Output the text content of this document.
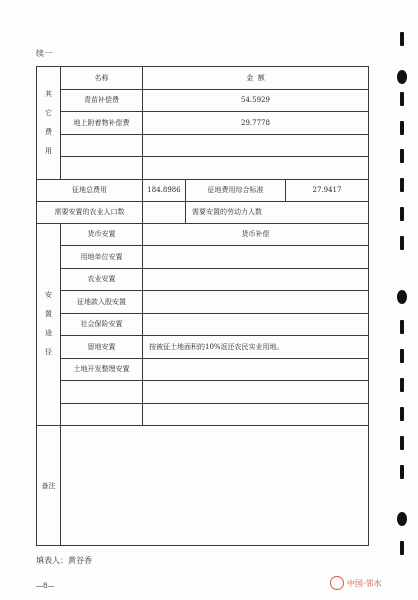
续一
其
它
费
用	名称	金  额		
	青苗补偿费	54.5929		
	地上附着物补偿费	29.7778		

征地总费用		184.8986	征地费用综合标准	27.9417
需要安置的农业人口数			需要安置的劳动力人数	

安
置
途
径	货币安置	货币补偿		
	用地单位安置			
	农业安置			
	征地款入股安置			
	社会保险安置			
	留地安置	按被征土地面积的10%返还农民实业用地。		
	土地开发整理安置			

备注				
填表人：黄谷香
—8—	中国·邻水
